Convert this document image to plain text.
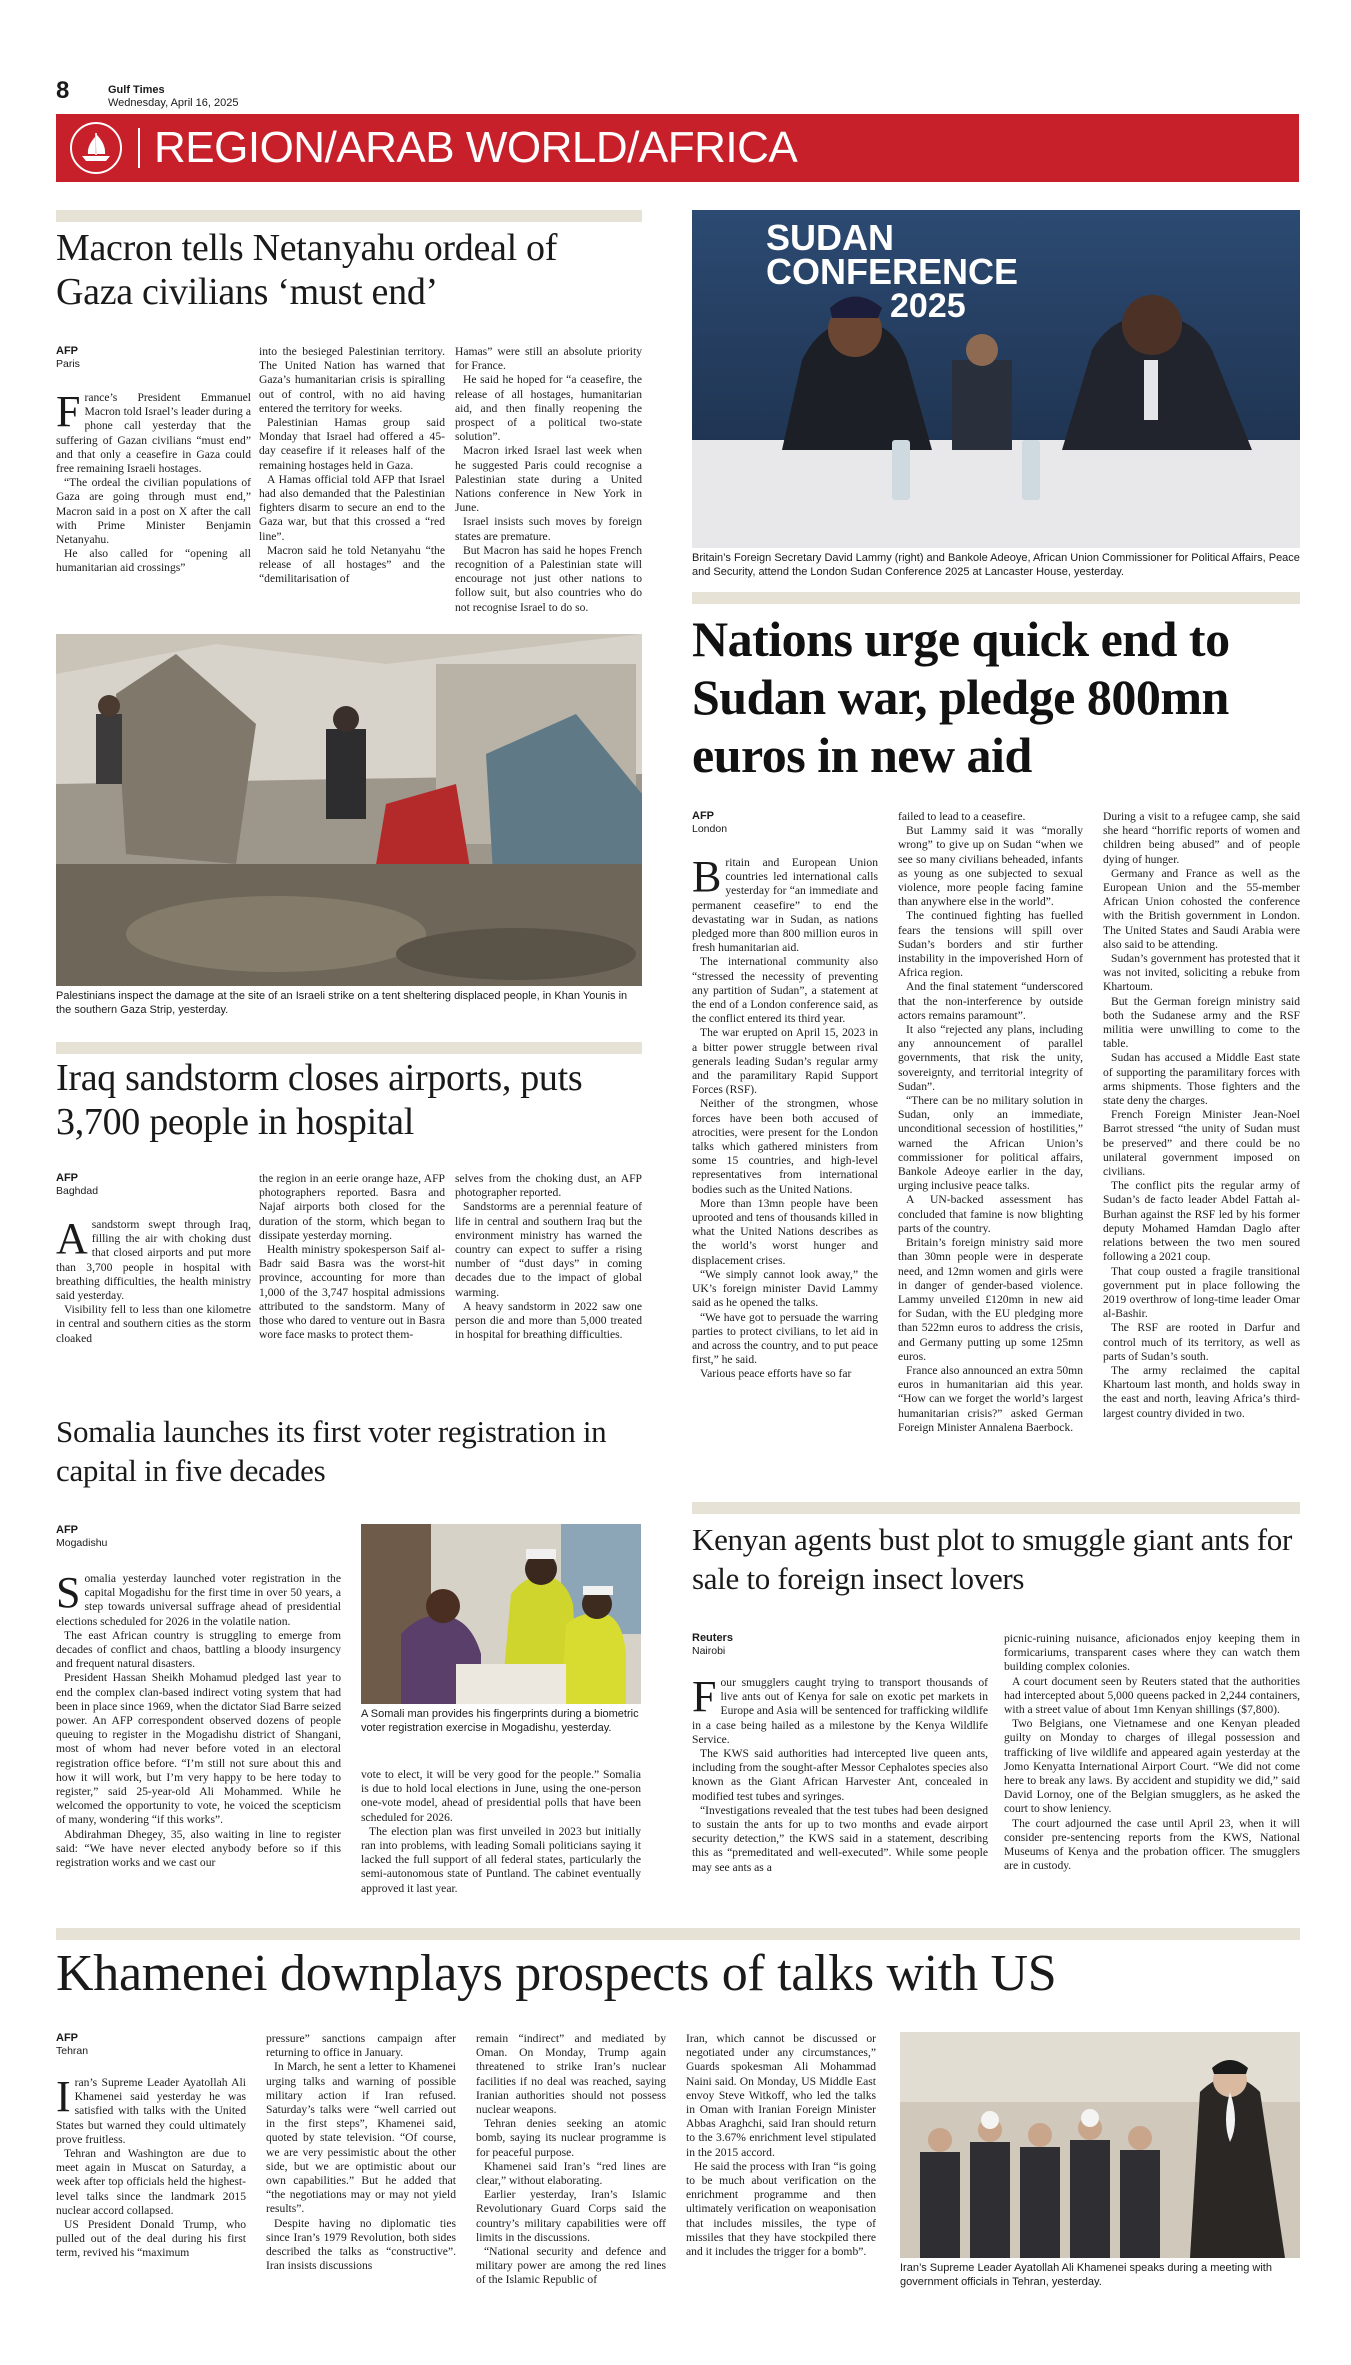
8	Gulf Times
Wednesday, April 16, 2025
REGION/ARAB WORLD/AFRICA
Macron tells Netanyahu ordeal of Gaza civilians ‘must end’
AFP
Paris
F rance’s President Emmanuel Macron told Israel’s leader during a phone call yesterday that the suffering of Gazan civilians “must end” and that only a ceasefire in Gaza could free remaining Israeli hostages.

“The ordeal the civilian populations of Gaza are going through must end,” Macron said in a post on X after the call with Prime Minister Benjamin Netanyahu.

He also called for “opening all humanitarian aid crossings”

into the besieged Palestinian territory. The United Nation has warned that Gaza’s humanitarian crisis is spiralling out of control, with no aid having entered the territory for weeks.

Palestinian Hamas group said Monday that Israel had offered a 45-day ceasefire if it releases half of the remaining hostages held in Gaza.

A Hamas official told AFP that Israel had also demanded that the Palestinian fighters disarm to secure an end to the Gaza war, but that this crossed a “red line”.

Macron said he told Netanyahu “the release of all hostages” and the “demilitarisation of

Hamas” were still an absolute priority for France.

He said he hoped for “a ceasefire, the release of all hostages, humanitarian aid, and then finally reopening the prospect of a political two-state solution”.

Macron irked Israel last week when he suggested Paris could recognise a Palestinian state during a United Nations conference in New York in June.

Israel insists such moves by foreign states are premature.

But Macron has said he hopes French recognition of a Palestinian state will encourage not just other nations to follow suit, but also countries who do not recognise Israel to do so.

Palestinians inspect the damage at the site of an Israeli strike on a tent sheltering displaced people, in Khan Younis in the southern Gaza Strip, yesterday.
SUDAN
CONFERENCE
2025
Britain’s Foreign Secretary David Lammy (right) and Bankole Adeoye, African Union Commissioner for Political Affairs, Peace and Security, attend the London Sudan Conference 2025 at Lancaster House, yesterday.
Nations urge quick end to Sudan war, pledge 800mn euros in new aid
AFP
London
B ritain and European Union countries led international calls yesterday for “an immediate and permanent ceasefire” to end the devastating war in Sudan, as nations pledged more than 800 million euros in fresh humanitarian aid.

The international community also “stressed the necessity of preventing any partition of Sudan”, a statement at the end of a London conference said, as the conflict entered its third year.

The war erupted on April 15, 2023 in a bitter power struggle between rival generals leading Sudan’s regular army and the paramilitary Rapid Support Forces (RSF).

Neither of the strongmen, whose forces have been both accused of atrocities, were present for the London talks which gathered ministers from some 15 countries, and high-level representatives from international bodies such as the United Nations.

More than 13mn people have been uprooted and tens of thousands killed in what the United Nations describes as the world’s worst hunger and displacement crises.

“We simply cannot look away,” the UK’s foreign minister David Lammy said as he opened the talks.

“We have got to persuade the warring parties to protect civilians, to let aid in and across the country, and to put peace first,” he said.

Various peace efforts have so far

failed to lead to a ceasefire.

But Lammy said it was “morally wrong” to give up on Sudan “when we see so many civilians beheaded, infants as young as one subjected to sexual violence, more people facing famine than anywhere else in the world”.

The continued fighting has fuelled fears the tensions will spill over Sudan’s borders and stir further instability in the impoverished Horn of Africa region.

And the final statement “underscored that the non-interference by outside actors remains paramount”.

It also “rejected any plans, including any announcement of parallel governments, that risk the unity, sovereignty, and territorial integrity of Sudan”.

“There can be no military solution in Sudan, only an immediate, unconditional secession of hostilities,” warned the African Union’s commissioner for political affairs, Bankole Adeoye earlier in the day, urging inclusive peace talks.

A UN-backed assessment has concluded that famine is now blighting parts of the country.

Britain’s foreign ministry said more than 30mn people were in desperate need, and 12mn women and girls were in danger of gender-based violence. Lammy unveiled £120mn in new aid for Sudan, with the EU pledging more than 522mn euros to address the crisis, and Germany putting up some 125mn euros.

France also announced an extra 50mn euros in humanitarian aid this year. “How can we forget the world’s largest humanitarian crisis?” asked German Foreign Minister Annalena Baerbock.

During a visit to a refugee camp, she said she heard “horrific reports of women and children being abused” and of people dying of hunger.

Germany and France as well as the European Union and the 55-member African Union cohosted the conference with the British government in London. The United States and Saudi Arabia were also said to be attending.

Sudan’s government has protested that it was not invited, soliciting a rebuke from Khartoum.

But the German foreign ministry said both the Sudanese army and the RSF militia were unwilling to come to the table.

Sudan has accused a Middle East state of supporting the paramilitary forces with arms shipments. Those fighters and the state deny the charges.

French Foreign Minister Jean-Noel Barrot stressed “the unity of Sudan must be preserved” and there could be no unilateral government imposed on civilians.

The conflict pits the regular army of Sudan’s de facto leader Abdel Fattah al-Burhan against the RSF led by his former deputy Mohamed Hamdan Daglo after relations between the two men soured following a 2021 coup.

That coup ousted a fragile transitional government put in place following the 2019 overthrow of long-time leader Omar al-Bashir.

The RSF are rooted in Darfur and control much of its territory, as well as parts of Sudan’s south.

The army reclaimed the capital Khartoum last month, and holds sway in the east and north, leaving Africa’s third-largest country divided in two.

Iraq sandstorm closes airports, puts 3,700 people in hospital
AFP
Baghdad
A sandstorm swept through Iraq, filling the air with choking dust that closed airports and put more than 3,700 people in hospital with breathing difficulties, the health ministry said yesterday.

Visibility fell to less than one kilometre in central and southern cities as the storm cloaked

the region in an eerie orange haze, AFP photographers reported. Basra and Najaf airports both closed for the duration of the storm, which began to dissipate yesterday morning.

Health ministry spokesperson Saif al-Badr said Basra was the worst-hit province, accounting for more than 1,000 of the 3,747 hospital admissions attributed to the sandstorm. Many of those who dared to venture out in Basra wore face masks to protect them-

selves from the choking dust, an AFP photographer reported.

Sandstorms are a perennial feature of life in central and southern Iraq but the environment ministry has warned the country can expect to suffer a rising number of “dust days” in coming decades due to the impact of global warming.

A heavy sandstorm in 2022 saw one person die and more than 5,000 treated in hospital for breathing difficulties.

Somalia launches its first voter registration in capital in five decades
AFP
Mogadishu
S omalia yesterday launched voter registration in the capital Mogadishu for the first time in over 50 years, a step towards universal suffrage ahead of presidential elections scheduled for 2026 in the volatile nation.

The east African country is struggling to emerge from decades of conflict and chaos, battling a bloody insurgency and frequent natural disasters.

President Hassan Sheikh Mohamud pledged last year to end the complex clan-based indirect voting system that had been in place since 1969, when the dictator Siad Barre seized power. An AFP correspondent observed dozens of people queuing to register in the Mogadishu district of Shangani, most of whom had never before voted in an electoral registration office before. “I’m still not sure about this and how it will work, but I’m very happy to be here today to register,” said 25-year-old Ali Mohammed. While he welcomed the opportunity to vote, he voiced the scepticism of many, wondering “if this works”.

Abdirahman Dhegey, 35, also waiting in line to register said: “We have never elected anybody before so if this registration works and we cast our

A Somali man provides his fingerprints during a biometric voter registration exercise in Mogadishu, yesterday.

vote to elect, it will be very good for the people.” Somalia is due to hold local elections in June, using the one-person one-vote model, ahead of presidential polls that have been scheduled for 2026.

The election plan was first unveiled in 2023 but initially ran into problems, with leading Somali politicians saying it lacked the full support of all federal states, particularly the semi-autonomous state of Puntland. The cabinet eventually approved it last year.

Kenyan agents bust plot to smuggle giant ants for sale to foreign insect lovers
Reuters
Nairobi
F our smugglers caught trying to transport thousands of live ants out of Kenya for sale on exotic pet markets in Europe and Asia will be sentenced for trafficking wildlife in a case being hailed as a milestone by the Kenya Wildlife Service.

The KWS said authorities had intercepted live queen ants, including from the sought-after Messor Cephalotes species also known as the Giant African Harvester Ant, concealed in modified test tubes and syringes.

“Investigations revealed that the test tubes had been designed to sustain the ants for up to two months and evade airport security detection,” the KWS said in a statement, describing this as “premeditated and well-executed”. While some people may see ants as a

picnic-ruining nuisance, aficionados enjoy keeping them in formicariums, transparent cases where they can watch them building complex colonies.

A court document seen by Reuters stated that the authorities had intercepted about 5,000 queens packed in 2,244 containers, with a street value of about 1mn Kenyan shillings ($7,800).

Two Belgians, one Vietnamese and one Kenyan pleaded guilty on Monday to charges of illegal possession and trafficking of live wildlife and appeared again yesterday at the Jomo Kenyatta International Airport Court. “We did not come here to break any laws. By accident and stupidity we did,” said David Lornoy, one of the Belgian smugglers, as he asked the court to show leniency.

The court adjourned the case until April 23, when it will consider pre-sentencing reports from the KWS, National Museums of Kenya and the probation officer. The smugglers are in custody.

Khamenei downplays prospects of talks with US
AFP
Tehran
I ran’s Supreme Leader Ayatollah Ali Khamenei said yesterday he was satisfied with talks with the United States but warned they could ultimately prove fruitless.

Tehran and Washington are due to meet again in Muscat on Saturday, a week after top officials held the highest-level talks since the landmark 2015 nuclear accord collapsed.

US President Donald Trump, who pulled out of the deal during his first term, revived his “maximum

pressure” sanctions campaign after returning to office in January.

In March, he sent a letter to Khamenei urging talks and warning of possible military action if Iran refused. Saturday’s talks were “well carried out in the first steps”, Khamenei said, quoted by state television. “Of course, we are very pessimistic about the other side, but we are optimistic about our own capabilities.” But he added that “the negotiations may or may not yield results”.

Despite having no diplomatic ties since Iran’s 1979 Revolution, both sides described the talks as “constructive”. Iran insists discussions

remain “indirect” and mediated by Oman. On Monday, Trump again threatened to strike Iran’s nuclear facilities if no deal was reached, saying Iranian authorities should not possess nuclear weapons.

Tehran denies seeking an atomic bomb, saying its nuclear programme is for peaceful purpose.

Khamenei said Iran’s “red lines are clear,” without elaborating.

Earlier yesterday, Iran’s Islamic Revolutionary Guard Corps said the country’s military capabilities were off limits in the discussions.

“National security and defence and military power are among the red lines of the Islamic Republic of

Iran, which cannot be discussed or negotiated under any circumstances,” Guards spokesman Ali Mohammad Naini said. On Monday, US Middle East envoy Steve Witkoff, who led the talks in Oman with Iranian Foreign Minister Abbas Araghchi, said Iran should return to the 3.67% enrichment level stipulated in the 2015 accord.

He said the process with Iran “is going to be much about verification on the enrichment programme and then ultimately verification on weaponisation that includes missiles, the type of missiles that they have stockpiled there and it includes the trigger for a bomb”.

Iran’s Supreme Leader Ayatollah Ali Khamenei speaks during a meeting with government officials in Tehran, yesterday.
